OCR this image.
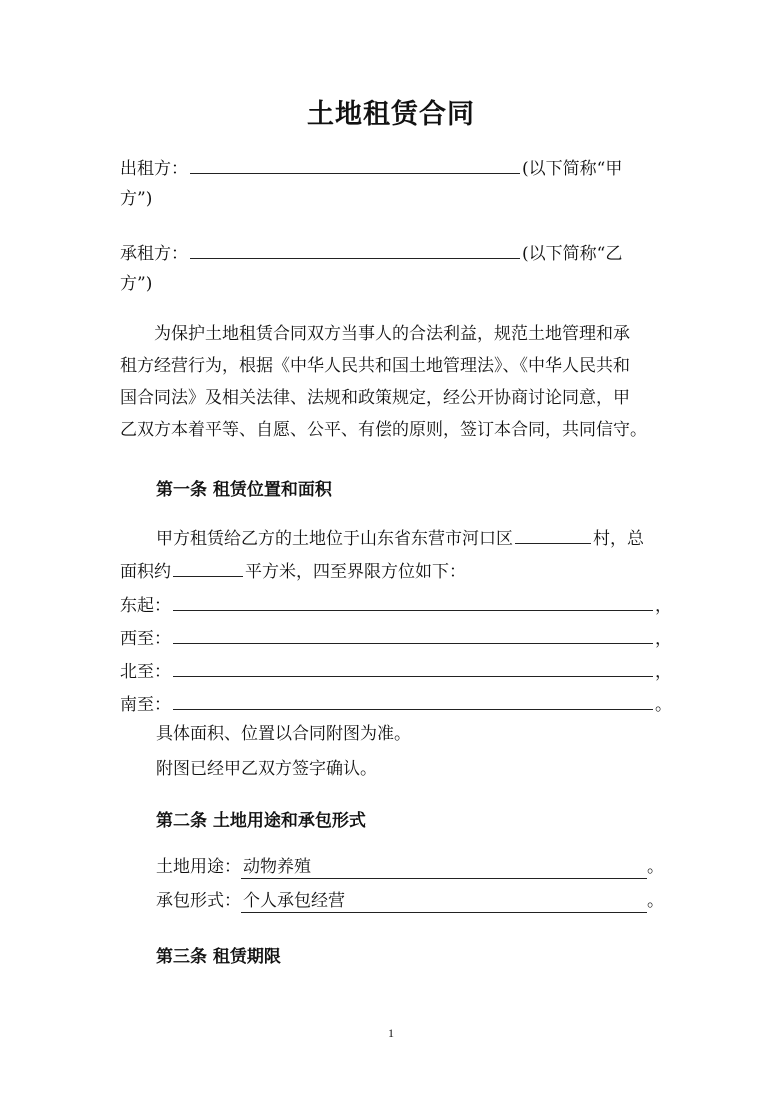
土地租赁合同
出租方：	(以下简称“甲
方”)
承租方：	(以下简称“乙
方”)
为保护土地租赁合同双方当事人的合法利益，规范土地管理和承
租方经营行为，根据《中华人民共和国土地管理法》、《中华人民共和
国合同法》及相关法律、法规和政策规定，经公开协商讨论同意，甲
乙双方本着平等、自愿、公平、有偿的原则，签订本合同，共同信守。
第一条 租赁位置和面积
甲方租赁给乙方的土地位于山东省东营市河口区	村，总
面积约	平方米，四至界限方位如下：
东起：	，
西至：	，
北至：	，
南至：	。
具体面积、位置以合同附图为准。
附图已经甲乙双方签字确认。
第二条 土地用途和承包形式
土地用途： 动物养殖	。
承包形式： 个人承包经营	。
第三条 租赁期限
1
